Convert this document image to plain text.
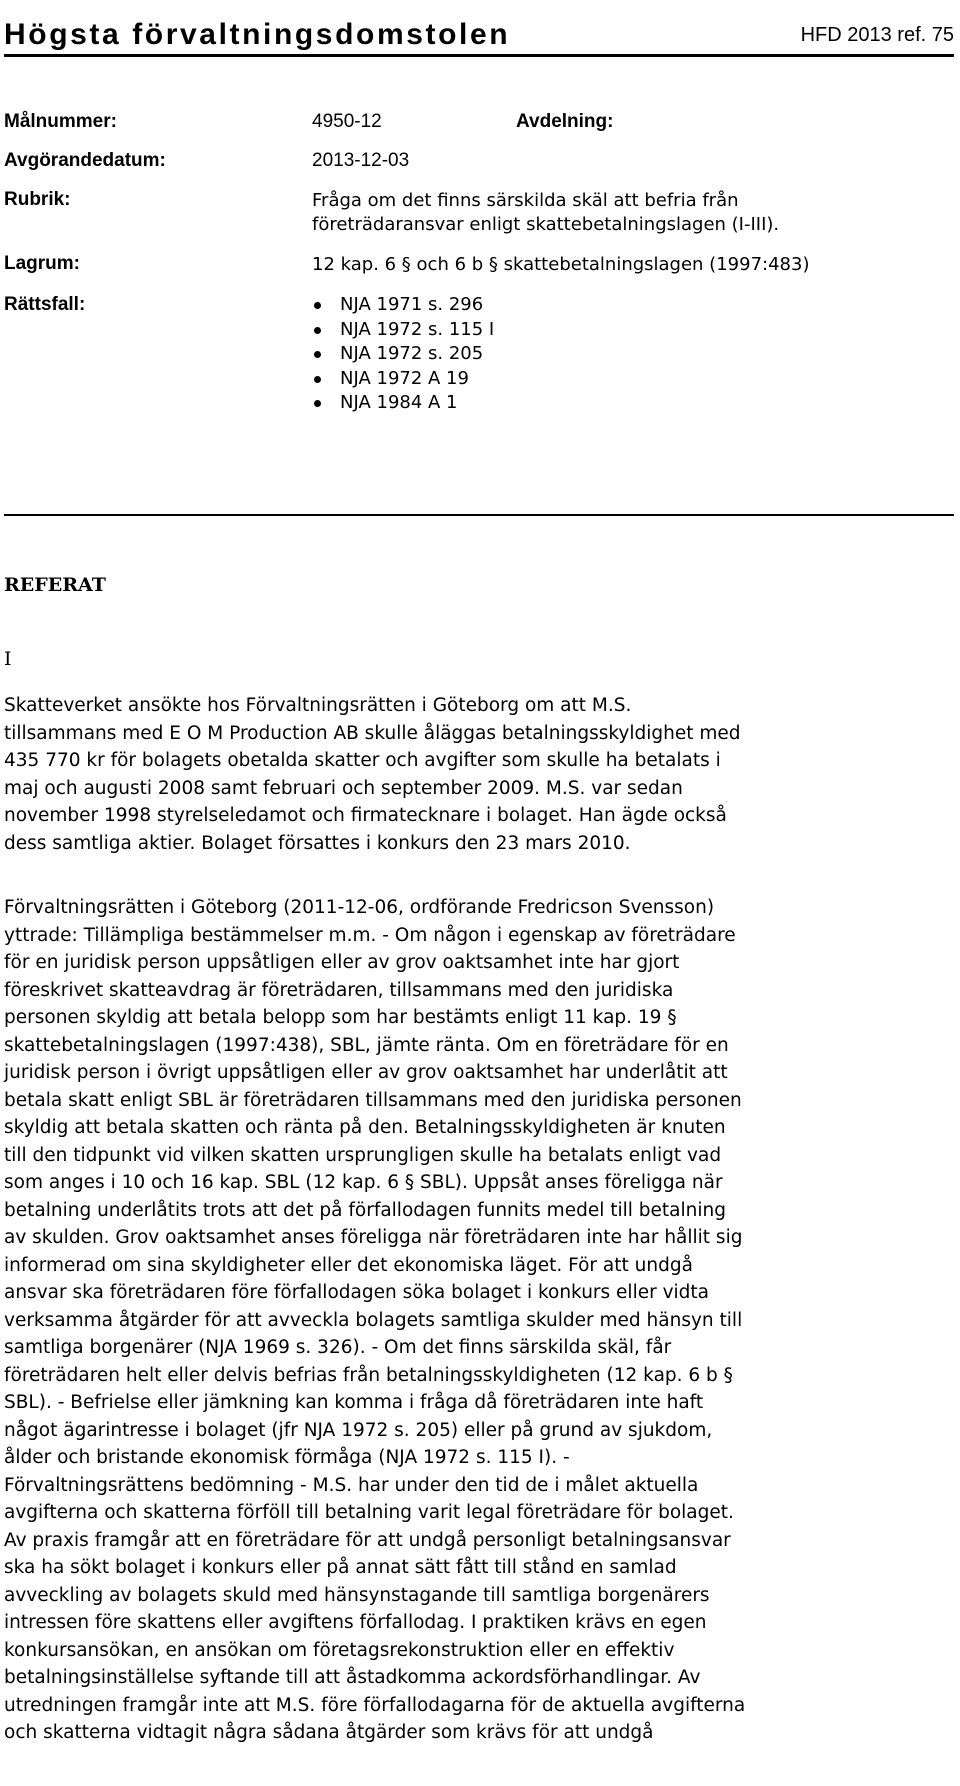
Högsta förvaltningsdomstolen	HFD 2013 ref. 75
Målnummer:	4950-12	Avdelning:
Avgörandedatum:	2013-12-03
Rubrik:	Fråga om det finns särskilda skäl att befria från
företrädaransvar enligt skattebetalningslagen (I-III).
Lagrum:	12 kap. 6 § och 6 b § skattebetalningslagen (1997:483)
Rättsfall:	NJA 1971 s. 296
NJA 1972 s. 115 I
NJA 1972 s. 205
NJA 1972 A 19
NJA 1984 A 1
REFERAT
I
Skatteverket ansökte hos Förvaltningsrätten i Göteborg om att M.S.
tillsammans med E O M Production AB skulle åläggas betalningsskyldighet med
435 770 kr för bolagets obetalda skatter och avgifter som skulle ha betalats i
maj och augusti 2008 samt februari och september 2009. M.S. var sedan
november 1998 styrelseledamot och firmatecknare i bolaget. Han ägde också
dess samtliga aktier. Bolaget försattes i konkurs den 23 mars 2010.
Förvaltningsrätten i Göteborg (2011-12-06, ordförande Fredricson Svensson)
yttrade: Tillämpliga bestämmelser m.m. - Om någon i egenskap av företrädare
för en juridisk person uppsåtligen eller av grov oaktsamhet inte har gjort
föreskrivet skatteavdrag är företrädaren, tillsammans med den juridiska
personen skyldig att betala belopp som har bestämts enligt 11 kap. 19 §
skattebetalningslagen (1997:438), SBL, jämte ränta. Om en företrädare för en
juridisk person i övrigt uppsåtligen eller av grov oaktsamhet har underlåtit att
betala skatt enligt SBL är företrädaren tillsammans med den juridiska personen
skyldig att betala skatten och ränta på den. Betalningsskyldigheten är knuten
till den tidpunkt vid vilken skatten ursprungligen skulle ha betalats enligt vad
som anges i 10 och 16 kap. SBL (12 kap. 6 § SBL). Uppsåt anses föreligga när
betalning underlåtits trots att det på förfallodagen funnits medel till betalning
av skulden. Grov oaktsamhet anses föreligga när företrädaren inte har hållit sig
informerad om sina skyldigheter eller det ekonomiska läget. För att undgå
ansvar ska företrädaren före förfallodagen söka bolaget i konkurs eller vidta
verksamma åtgärder för att avveckla bolagets samtliga skulder med hänsyn till
samtliga borgenärer (NJA 1969 s. 326). - Om det finns särskilda skäl, får
företrädaren helt eller delvis befrias från betalningsskyldigheten (12 kap. 6 b §
SBL). - Befrielse eller jämkning kan komma i fråga då företrädaren inte haft
något ägarintresse i bolaget (jfr NJA 1972 s. 205) eller på grund av sjukdom,
ålder och bristande ekonomisk förmåga (NJA 1972 s. 115 I). -
Förvaltningsrättens bedömning - M.S. har under den tid de i målet aktuella
avgifterna och skatterna förföll till betalning varit legal företrädare för bolaget.
Av praxis framgår att en företrädare för att undgå personligt betalningsansvar
ska ha sökt bolaget i konkurs eller på annat sätt fått till stånd en samlad
avveckling av bolagets skuld med hänsynstagande till samtliga borgenärers
intressen före skattens eller avgiftens förfallodag. I praktiken krävs en egen
konkursansökan, en ansökan om företagsrekonstruktion eller en effektiv
betalningsinställelse syftande till att åstadkomma ackordsförhandlingar. Av
utredningen framgår inte att M.S. före förfallodagarna för de aktuella avgifterna
och skatterna vidtagit några sådana åtgärder som krävs för att undgå
